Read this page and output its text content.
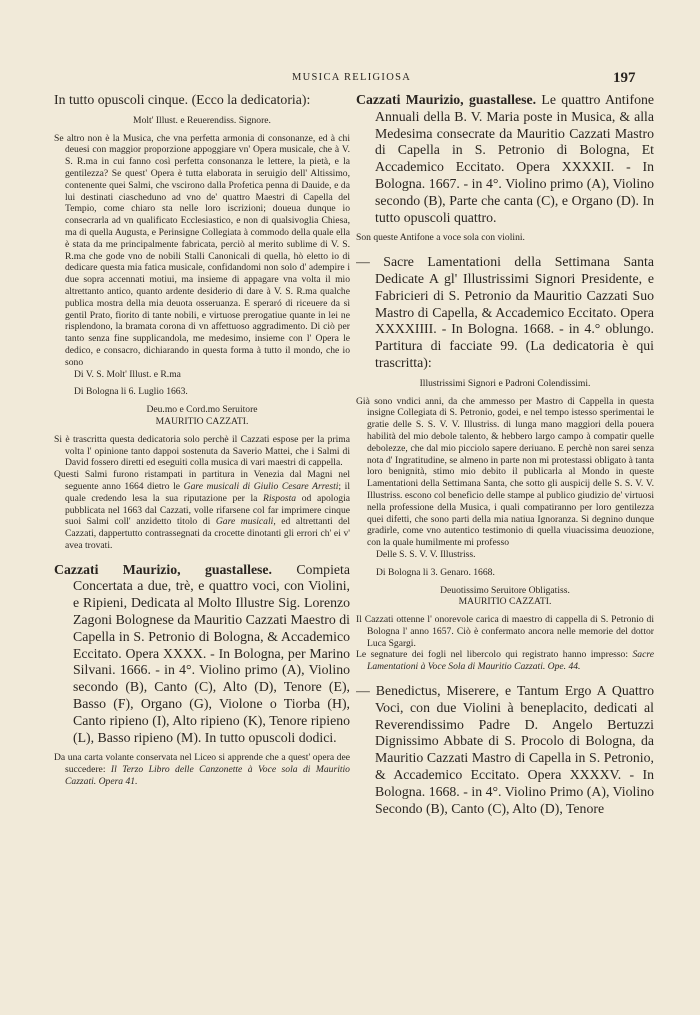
MUSICA RELIGIOSA	197

In tutto opuscoli cinque. (Ecco la dedicatoria):

Molt' Illust. e Reuerendiss. Signore.

Se altro non è la Musica, che vna perfetta armonia di consonanze, ed à chi deuesi con maggior proporzione appoggiare vn' Opera musicale, che à V. S. R.ma in cui fanno così perfetta consonanza le lettere, la pietà, e la gentilezza? Se quest' Opera è tutta elaborata in seruigio dell' Altissimo, contenente quei Salmi, che vscirono dalla Profetica penna di Dauide, e da lui destinati ciascheduno ad vno de' quattro Maestri di Capella del Tempio, come chiaro sta nelle loro iscrizioni; doueua dunque io consecrarla ad vn qualificato Ecclesiastico, e non di qualsivoglia Chiesa, ma di quella Augusta, e Perinsigne Collegiata à commodo della quale ella è stata da me principalmente fabricata, perciò al merito sublime di V. S. R.ma che gode vno de nobili Stalli Canonicali di quella, hò eletto io di dedicare questa mia fatica musicale, confidandomi non solo d' adempire i due sopra accennati motiui, ma insieme di appagare vna volta il mio altrettanto antico, quanto ardente desiderio di dare à V. S. R.ma qualche publica mostra della mia deuota osseruanza. E speraró di riceuere da sì gentil Prato, fiorito di tante nobili, e virtuose prerogatiue quante in lei ne risplendono, la bramata corona di vn affettuoso aggradimento. Di ciò per tanto senza fine supplicandola, me medesimo, insieme con l' Opera le dedico, e consacro, dichiarando in questa forma à tutto il mondo, che io sono

Di V. S. Molt' Illust. e R.ma

Di Bologna li 6. Luglio 1663.

Deu.mo e Cord.mo Seruitore

MAURITIO CAZZATI.

Si è trascritta questa dedicatoria solo perchè il Cazzati espose per la prima volta l' opinione tanto dappoi sostenuta da Saverio Mattei, che i Salmi di David fossero diretti ed eseguiti colla musica di vari maestri di cappella.

Questi Salmi furono ristampati in partitura in Venezia dal Magni nel seguente anno 1664 dietro le Gare musicali di Giulio Cesare Arresti; il quale credendo lesa la sua riputazione per la Risposta od apologia pubblicata nel 1663 dal Cazzati, volle rifarsene col far imprimere cinque suoi Salmi coll' anzidetto titolo di Gare musicali, ed altrettanti del Cazzati, dappertutto contrassegnati da crocette dinotanti gli errori ch' ei v' avea trovati.

Cazzati Maurizio, guastallese. Compieta Concertata a due, trè, e quattro voci, con Violini, e Ripieni, Dedicata al Molto Illustre Sig. Lorenzo Zagoni Bolognese da Mauritio Cazzati Maestro di Capella in S. Petronio di Bologna, & Accademico Eccitato. Opera XXXX. - In Bologna, per Marino Silvani. 1666. - in 4°. Violino primo (A), Violino secondo (B), Canto (C), Alto (D), Tenore (E), Basso (F), Organo (G), Violone o Tiorba (H), Canto ripieno (I), Alto ripieno (K), Tenore ripieno (L), Basso ripieno (M). In tutto opuscoli dodici.

Da una carta volante conservata nel Liceo si apprende che a quest' opera dee succedere: Il Terzo Libro delle Canzonette à Voce sola di Mauritio Cazzati. Opera 41.

Cazzati Maurizio, guastallese. Le quattro Antifone Annuali della B. V. Maria poste in Musica, & alla Medesima consecrate da Mauritio Cazzati Mastro di Capella in S. Petronio di Bologna, Et Accademico Eccitato. Opera XXXXII. - In Bologna. 1667. - in 4°. Violino primo (A), Violino secondo (B), Parte che canta (C), e Organo (D). In tutto opuscoli quattro.

Son queste Antifone a voce sola con violini.

— Sacre Lamentationi della Settimana Santa Dedicate A gl' Illustrissimi Signori Presidente, e Fabricieri di S. Petronio da Mauritio Cazzati Suo Mastro di Capella, & Accademico Eccitato. Opera XXXXIIII. - In Bologna. 1668. - in 4.° oblungo. Partitura di facciate 99. (La dedicatoria è qui trascritta):

Illustrissimi Signori e Padroni Colendissimi.

Già sono vndici anni, da che ammesso per Mastro di Cappella in questa insigne Collegiata di S. Petronio, godei, e nel tempo istesso sperimentai le gratie delle S. S. V. V. Illustriss. di lunga mano maggiori della pouera habilità del mio debole talento, & hebbero largo campo à compatir quelle debolezze, che dal mio picciolo sapere deriuano. E perchè non sarei senza nota d' Ingratitudine, se almeno in parte non mi protestassi obligato à tanta loro benignità, stimo mio debito il publicarla al Mondo in queste Lamentationi della Settimana Santa, che sotto gli auspicij delle S. S. V. V. Illustriss. escono col beneficio delle stampe al publico giudizio de' virtuosi nella professione della Musica, i quali compatiranno per loro gentilezza quei difetti, che sono parti della mia natiua Ignoranza. Si degnino dunque gradirle, come vno autentico testimonio di quella viuacissima deuozione, con la quale humilmente mi professo

Delle S. S. V. V. Illustriss.

Di Bologna li 3. Genaro. 1668.

Deuotissimo Seruitore Obligatiss.

MAURITIO CAZZATI.

Il Cazzati ottenne l' onorevole carica di maestro di cappella di S. Petronio di Bologna l' anno 1657. Ciò è confermato ancora nelle memorie del dottor Luca Sgargi.

Le segnature dei fogli nel libercolo qui registrato hanno impresso: Sacre Lamentationi à Voce Sola di Mauritio Cazzati. Ope. 44.

— Benedictus, Miserere, e Tantum Ergo A Quattro Voci, con due Violini à beneplacito, dedicati al Reverendissimo Padre D. Angelo Bertuzzi Dignissimo Abbate di S. Procolo di Bologna, da Mauritio Cazzati Mastro di Capella in S. Petronio, & Accademico Eccitato. Opera XXXXV. - In Bologna. 1668. - in 4°. Violino Primo (A), Violino Secondo (B), Canto (C), Alto (D), Tenore
